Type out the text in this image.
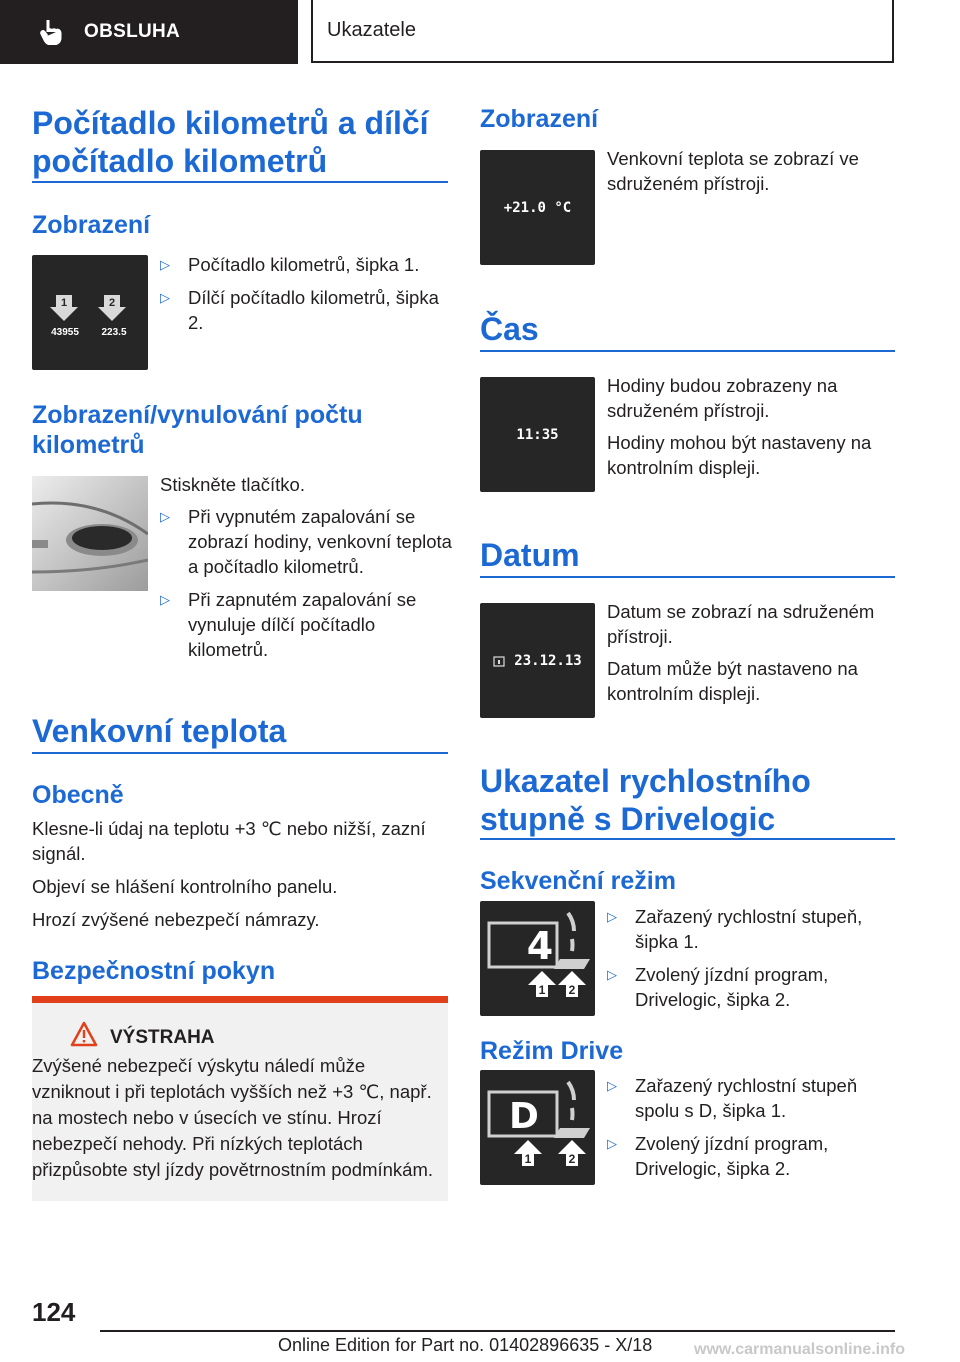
OBSLUHA	Ukazatele
Počítadlo kilometrů a dílčí počítadlo kilometrů
Zobrazení
1	2
43955 223.5
▷ Počítadlo kilometrů, šipka 1.
▷ Dílčí počítadlo kilometrů, šipka 2.
Zobrazení/vynulování počtu kilometrů
Stiskněte tlačítko.
▷ Při vypnutém zapalování se zobrazí hodiny, venkovní teplota a počítadlo kilometrů.
▷ Při zapnutém zapalování se vynuluje dílčí počítadlo kilometrů.
Venkovní teplota
Obecně
Klesne-li údaj na teplotu +3 ℃ nebo nižší, zazní signál.
Objeví se hlášení kontrolního panelu.
Hrozí zvýšené nebezpečí námrazy.
Bezpečnostní pokyn
VÝSTRAHA
Zvýšené nebezpečí výskytu náledí může vzniknout i při teplotách vyšších než +3 ℃, např. na mostech nebo v úsecích ve stínu. Hrozí nebezpečí nehody. Při nízkých teplotách přizpůsobte styl jízdy povětrnostním podmínkám.
Zobrazení
+21.0 °C
Venkovní teplota se zobrazí ve sdruženém přístroji.
Čas
11:35
Hodiny budou zobrazeny na sdruženém přístroji.
Hodiny mohou být nastaveny na kontrolním displeji.
Datum
23.12.13
Datum se zobrazí na sdruženém přístroji.
Datum může být nastaveno na kontrolním displeji.
Ukazatel rychlostního stupně s Drivelogic
Sekvenční režim
4
1 2
▷ Zařazený rychlostní stupeň, šipka 1.
▷ Zvolený jízdní program, Drivelogic, šipka 2.
Režim Drive
D
1	2
▷ Zařazený rychlostní stupeň spolu s D, šipka 1.
▷ Zvolený jízdní program, Drivelogic, šipka 2.
124
Online Edition for Part no. 01402896635 - X/18	www.carmanualsonline.info
